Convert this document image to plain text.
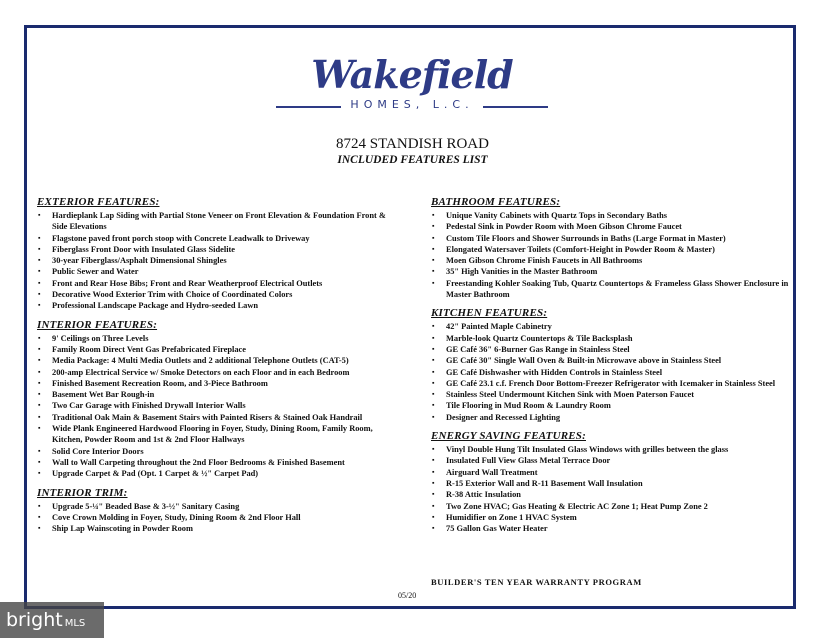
Wakefield
HOMES, L.C.
8724 STANDISH ROAD
INCLUDED FEATURES LIST
EXTERIOR FEATURES:
▪ Hardieplank Lap Siding with Partial Stone Veneer on Front Elevation & Foundation Front & Side Elevations
▪ Flagstone paved front porch stoop with Concrete Leadwalk to Driveway
▪ Fiberglass Front Door with Insulated Glass Sidelite
▪ 30-year Fiberglass/Asphalt Dimensional Shingles
▪ Public Sewer and Water
▪ Front and Rear Hose Bibs; Front and Rear Weatherproof Electrical Outlets
▪ Decorative Wood Exterior Trim with Choice of Coordinated Colors
▪ Professional Landscape Package and Hydro-seeded Lawn
INTERIOR FEATURES:
▪ 9' Ceilings on Three Levels
▪ Family Room Direct Vent Gas Prefabricated Fireplace
▪ Media Package: 4 Multi Media Outlets and 2 additional Telephone Outlets (CAT-5)
▪ 200-amp Electrical Service w/ Smoke Detectors on each Floor and in each Bedroom
▪ Finished Basement Recreation Room, and 3-Piece Bathroom
▪ Basement Wet Bar Rough-in
▪ Two Car Garage with Finished Drywall Interior Walls
▪ Traditional Oak Main & Basement Stairs with Painted Risers & Stained Oak Handrail
▪ Wide Plank Engineered Hardwood Flooring in Foyer, Study, Dining Room, Family Room, Kitchen, Powder Room and 1st & 2nd Floor Hallways
▪ Solid Core Interior Doors
▪ Wall to Wall Carpeting throughout the 2nd Floor Bedrooms & Finished Basement
▪ Upgrade Carpet & Pad (Opt. 1 Carpet & ½" Carpet Pad)
INTERIOR TRIM:
▪ Upgrade 5-¼" Beaded Base & 3-½" Sanitary Casing
▪ Cove Crown Molding in Foyer, Study, Dining Room & 2nd Floor Hall
▪ Ship Lap Wainscoting in Powder Room
BATHROOM FEATURES:
▪ Unique Vanity Cabinets with Quartz Tops in Secondary Baths
▪ Pedestal Sink in Powder Room with Moen Gibson Chrome Faucet
▪ Custom Tile Floors and Shower Surrounds in Baths (Large Format in Master)
▪ Elongated Watersaver Toilets (Comfort-Height in Powder Room & Master)
▪ Moen Gibson Chrome Finish Faucets in All Bathrooms
▪ 35" High Vanities in the Master Bathroom
▪ Freestanding Kohler Soaking Tub, Quartz Countertops & Frameless Glass Shower Enclosure in Master Bathroom
KITCHEN FEATURES:
▪ 42" Painted Maple Cabinetry
▪ Marble-look Quartz Countertops & Tile Backsplash
▪ GE Café 36" 6-Burner Gas Range in Stainless Steel
▪ GE Café 30" Single Wall Oven & Built-in Microwave above in Stainless Steel
▪ GE Café Dishwasher with Hidden Controls in Stainless Steel
▪ GE Café 23.1 c.f. French Door Bottom-Freezer Refrigerator with Icemaker in Stainless Steel
▪ Stainless Steel Undermount Kitchen Sink with Moen Paterson Faucet
▪ Tile Flooring in Mud Room & Laundry Room
▪ Designer and Recessed Lighting
ENERGY SAVING FEATURES:
▪ Vinyl Double Hung Tilt Insulated Glass Windows with grilles between the glass
▪ Insulated Full View Glass Metal Terrace Door
▪ Airguard Wall Treatment
▪ R-15 Exterior Wall and R-11 Basement Wall Insulation
▪ R-38 Attic Insulation
▪ Two Zone HVAC; Gas Heating & Electric AC Zone 1; Heat Pump Zone 2
▪ Humidifier on Zone 1 HVAC System
▪ 75 Gallon Gas Water Heater
BUILDER'S TEN YEAR WARRANTY PROGRAM
05/20
bright MLS
